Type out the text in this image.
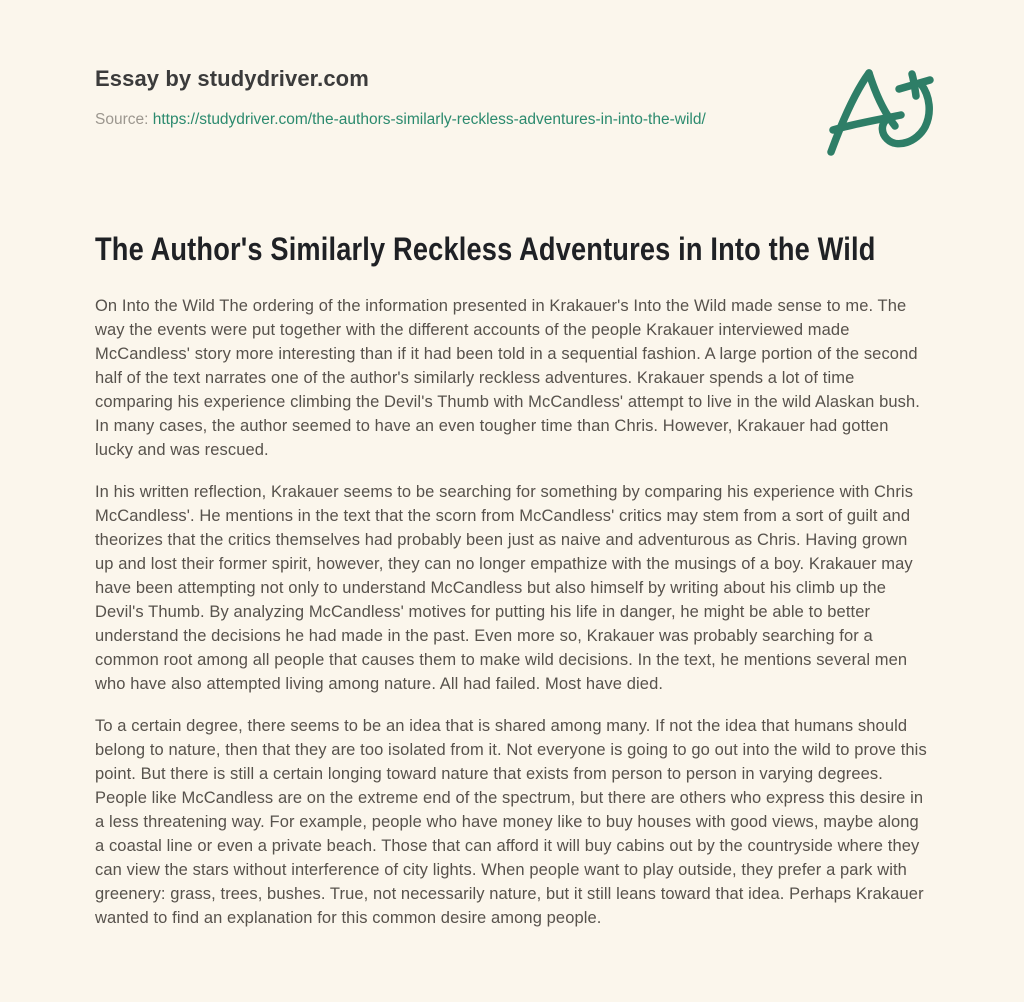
Essay by studydriver.com
Source: https://studydriver.com/the-authors-similarly-reckless-adventures-in-into-the-wild/
The Author's Similarly Reckless Adventures in Into the Wild

On Into the Wild The ordering of the information presented in Krakauer's Into the Wild made sense to me. The way the events were put together with the different accounts of the people Krakauer interviewed made McCandless' story more interesting than if it had been told in a sequential fashion. A large portion of the second half of the text narrates one of the author's similarly reckless adventures. Krakauer spends a lot of time comparing his experience climbing the Devil's Thumb with McCandless' attempt to live in the wild Alaskan bush. In many cases, the author seemed to have an even tougher time than Chris. However, Krakauer had gotten lucky and was rescued.

In his written reflection, Krakauer seems to be searching for something by comparing his experience with Chris McCandless'. He mentions in the text that the scorn from McCandless' critics may stem from a sort of guilt and theorizes that the critics themselves had probably been just as naive and adventurous as Chris. Having grown up and lost their former spirit, however, they can no longer empathize with the musings of a boy. Krakauer may have been attempting not only to understand McCandless but also himself by writing about his climb up the Devil's Thumb. By analyzing McCandless' motives for putting his life in danger, he might be able to better understand the decisions he had made in the past. Even more so, Krakauer was probably searching for a common root among all people that causes them to make wild decisions. In the text, he mentions several men who have also attempted living among nature. All had failed. Most have died.

To a certain degree, there seems to be an idea that is shared among many. If not the idea that humans should belong to nature, then that they are too isolated from it. Not everyone is going to go out into the wild to prove this point. But there is still a certain longing toward nature that exists from person to person in varying degrees. People like McCandless are on the extreme end of the spectrum, but there are others who express this desire in a less threatening way. For example, people who have money like to buy houses with good views, maybe along a coastal line or even a private beach. Those that can afford it will buy cabins out by the countryside where they can view the stars without interference of city lights. When people want to play outside, they prefer a park with greenery: grass, trees, bushes. True, not necessarily nature, but it still leans toward that idea. Perhaps Krakauer wanted to find an explanation for this common desire among people.
